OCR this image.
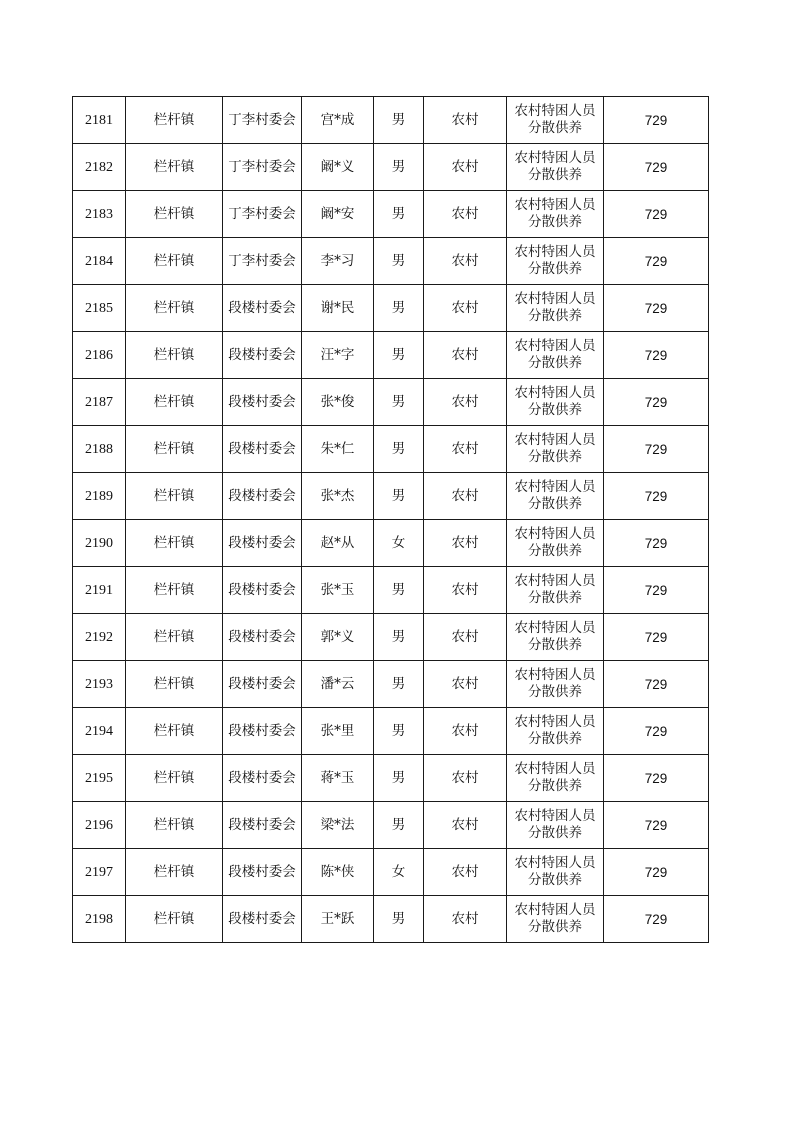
2181	栏杆镇	丁李村委会	宫*成	男	农村	农村特困人员分散供养	729
2182	栏杆镇	丁李村委会	阚*义	男	农村	农村特困人员分散供养	729
2183	栏杆镇	丁李村委会	阚*安	男	农村	农村特困人员分散供养	729
2184	栏杆镇	丁李村委会	李*习	男	农村	农村特困人员分散供养	729
2185	栏杆镇	段楼村委会	谢*民	男	农村	农村特困人员分散供养	729
2186	栏杆镇	段楼村委会	汪*字	男	农村	农村特困人员分散供养	729
2187	栏杆镇	段楼村委会	张*俊	男	农村	农村特困人员分散供养	729
2188	栏杆镇	段楼村委会	朱*仁	男	农村	农村特困人员分散供养	729
2189	栏杆镇	段楼村委会	张*杰	男	农村	农村特困人员分散供养	729
2190	栏杆镇	段楼村委会	赵*从	女	农村	农村特困人员分散供养	729
2191	栏杆镇	段楼村委会	张*玉	男	农村	农村特困人员分散供养	729
2192	栏杆镇	段楼村委会	郭*义	男	农村	农村特困人员分散供养	729
2193	栏杆镇	段楼村委会	潘*云	男	农村	农村特困人员分散供养	729
2194	栏杆镇	段楼村委会	张*里	男	农村	农村特困人员分散供养	729
2195	栏杆镇	段楼村委会	蒋*玉	男	农村	农村特困人员分散供养	729
2196	栏杆镇	段楼村委会	梁*法	男	农村	农村特困人员分散供养	729
2197	栏杆镇	段楼村委会	陈*侠	女	农村	农村特困人员分散供养	729
2198	栏杆镇	段楼村委会	王*跃	男	农村	农村特困人员分散供养	729
